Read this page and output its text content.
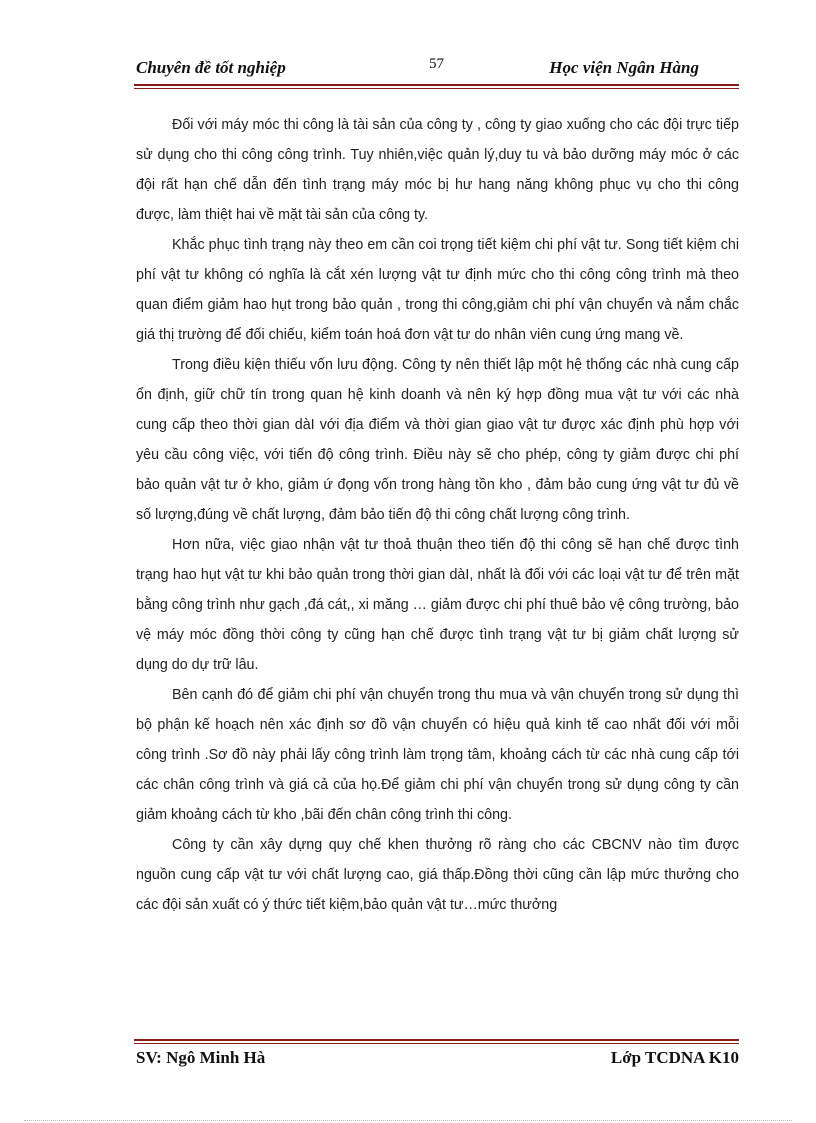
Chuyên đề tốt nghiệp	57	Học viện Ngân Hàng

Đối với máy móc thi công là tài sản của công ty , công ty giao xuống cho các đội trực tiếp sử dụng cho thi công công trình. Tuy nhiên,việc quản lý,duy tu và bảo dưỡng máy móc ở các đội rất hạn chế dẫn đến tình trạng máy móc bị hư hang năng không phục vụ cho thi công được, làm thiệt hai về mặt tài sản của công ty.

Khắc phục tình trạng này theo em cần coi trọng tiết kiệm chi phí vật tư. Song tiết kiệm chi phí vật tư không có nghĩa là cắt xén lượng vật tư định mức cho thi công công trình mà theo quan điểm giảm hao hụt trong bảo quản , trong thi công,giảm chi phí vận chuyển và nắm chắc giá thị trường để đối chiếu, kiểm toán hoá đơn vật tư do nhân viên cung ứng mang về.

Trong điều kiện thiếu vốn lưu động. Công ty nên thiết lập một hệ thống các nhà cung cấp ổn định, giữ chữ tín trong quan hệ kinh doanh và nên ký hợp đồng mua vật tư với các nhà cung cấp theo thời gian dàI với địa điểm và thời gian giao vật tư được xác định phù hợp với yêu cầu công việc, với tiến độ công trình. Điều này sẽ cho phép, công ty giảm được chi phí bảo quản vật tư ở kho, giảm ứ đọng vốn trong hàng tồn kho , đảm bảo cung ứng vật tư đủ về số lượng,đúng về chất lượng, đảm bảo tiến độ thi công chất lượng công trình.

Hơn nữa, việc giao nhận vật tư thoả thuận theo tiến độ thi công sẽ hạn chế được tình trạng hao hụt vật tư khi bảo quản trong thời gian dàI, nhất là đối với các loại vật tư để trên mặt bằng công trình như gạch ,đá cát,, xi măng … giảm được chi phí thuê bảo vệ công trường, bảo vệ máy móc đồng thời công ty cũng hạn chế được tình trạng vật tư bị giảm chất lượng sử dụng do dự trữ lâu.

Bên cạnh đó để giảm chi phí vận chuyển trong thu mua và vận chuyển trong sử dụng thì bộ phận kế hoạch nên xác định sơ đồ vận chuyển có hiệu quả kinh tế cao nhất đối với mỗi công trình .Sơ đồ này phải lấy công trình làm trọng tâm, khoảng cách từ các nhà cung cấp tới các chân công trình và giá cả của họ.Để giảm chi phí vận chuyển trong sử dụng công ty cần giảm khoảng cách từ kho ,bãi đến chân công trình thi công.

Công ty cần xây dựng quy chế khen thưởng rõ ràng cho các CBCNV nào tìm được nguồn cung cấp vật tư với chất lượng cao, giá thấp.Đồng thời cũng cần lập mức thưởng cho các đội sản xuất có ý thức tiết kiệm,bảo quản vật tư…mức thưởng

SV: Ngô Minh Hà	Lớp TCDNA K10
